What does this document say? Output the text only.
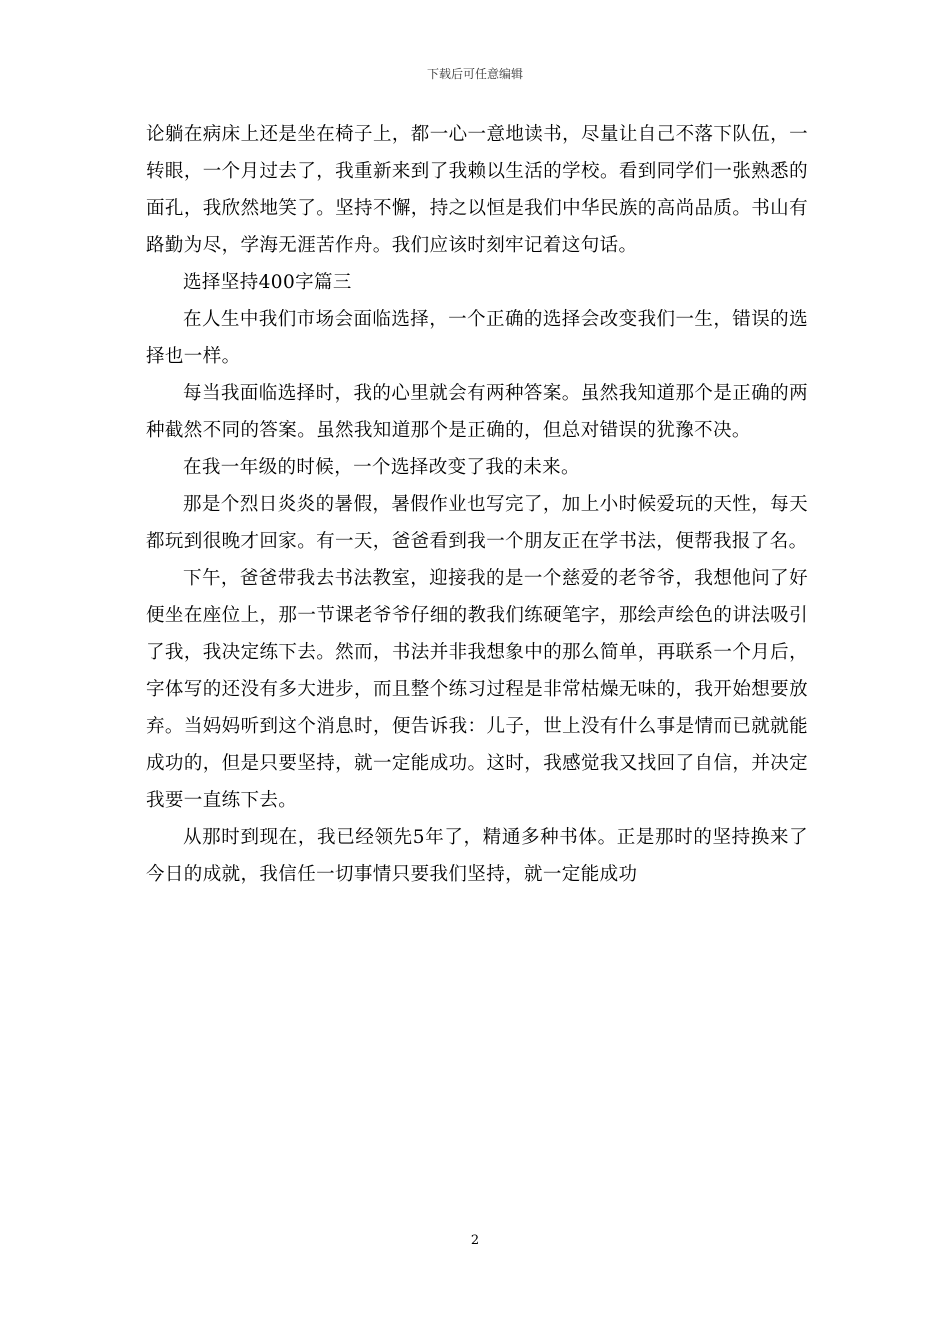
下载后可任意编辑

论躺在病床上还是坐在椅子上，都一心一意地读书，尽量让自己不落下队伍，一转眼，一个月过去了，我重新来到了我赖以生活的学校。看到同学们一张熟悉的面孔，我欣然地笑了。坚持不懈，持之以恒是我们中华民族的高尚品质。书山有路勤为尽，学海无涯苦作舟。我们应该时刻牢记着这句话。

选择坚持400字篇三

在人生中我们市场会面临选择，一个正确的选择会改变我们一生，错误的选择也一样。

每当我面临选择时，我的心里就会有两种答案。虽然我知道那个是正确的两种截然不同的答案。虽然我知道那个是正确的，但总对错误的犹豫不决。

在我一年级的时候，一个选择改变了我的未来。

那是个烈日炎炎的暑假，暑假作业也写完了，加上小时候爱玩的天性，每天都玩到很晚才回家。有一天，爸爸看到我一个朋友正在学书法，便帮我报了名。

下午，爸爸带我去书法教室，迎接我的是一个慈爱的老爷爷，我想他问了好便坐在座位上，那一节课老爷爷仔细的教我们练硬笔字，那绘声绘色的讲法吸引了我，我决定练下去。然而，书法并非我想象中的那么简单，再联系一个月后，字体写的还没有多大进步，而且整个练习过程是非常枯燥无味的，我开始想要放弃。当妈妈听到这个消息时，便告诉我：儿子，世上没有什么事是情而已就就能成功的，但是只要坚持，就一定能成功。这时，我感觉我又找回了自信，并决定我要一直练下去。

从那时到现在，我已经领先5年了，精通多种书体。正是那时的坚持换来了今日的成就，我信任一切事情只要我们坚持，就一定能成功

2
